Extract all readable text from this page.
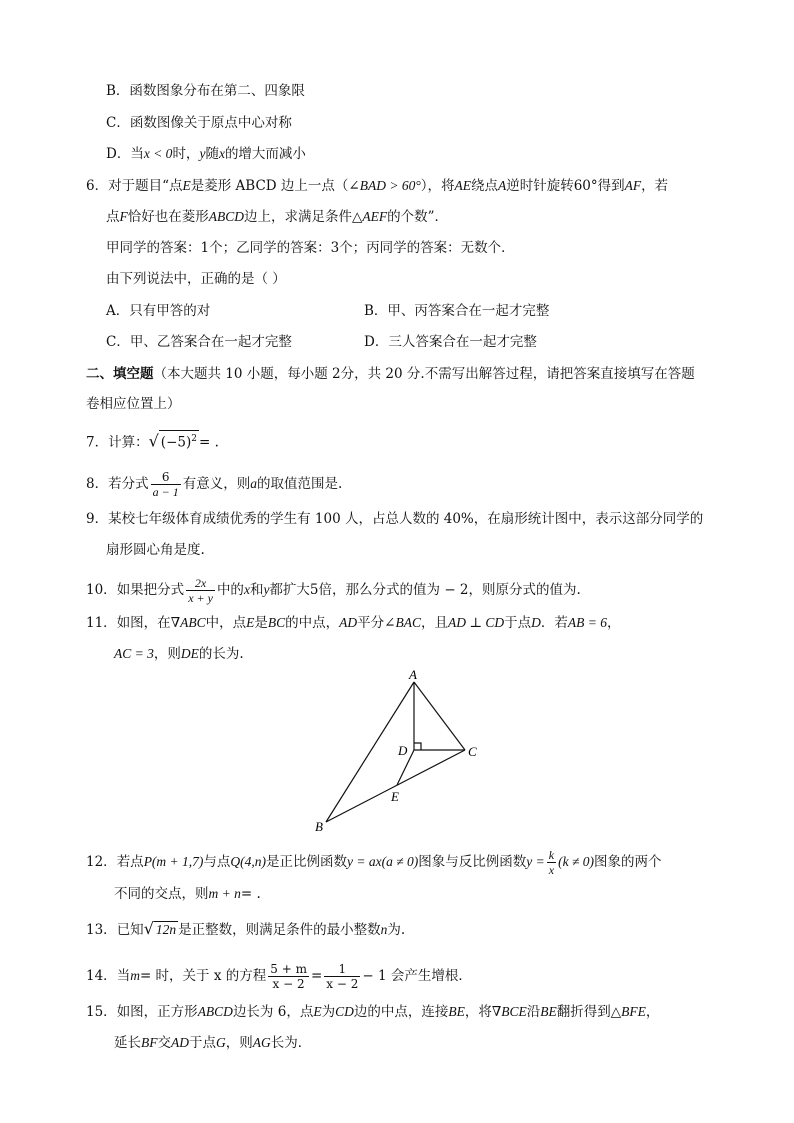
B．函数图象分布在第二、四象限
C．函数图像关于原点中心对称
D．当x < 0时，y随x的增大而减小
6．对于题目“点E是菱形 ABCD 边上一点（∠BAD > 60°），将AE绕点A逆时针旋转60°得到AF，若
点F恰好也在菱形ABCD边上，求满足条件△AEF的个数”．
甲同学的答案：1个；乙同学的答案：3个；丙同学的答案：无数个．
由下列说法中，正确的是（ ）
A．只有甲答的对	B．甲、丙答案合在一起才完整
C．甲、乙答案合在一起才完整	D．三人答案合在一起才完整
二、填空题（本大题共 10 小题，每小题 2分，共 20 分.不需写出解答过程，请把答案直接填写在答题
卷相应位置上）
7．计算：√ $(-5)^2$ = .
8．若分式 $\frac{6}{a - 1}$ 有意义，则a的取值范围是.
9．某校七年级体育成绩优秀的学生有 100 人，占总人数的 40%，在扇形统计图中，表示这部分同学的
扇形圆心角是度.
10．如果把分式 $\frac{2x}{x + y}$ 中的x和y都扩大5倍，那么分式的值为 − 2，则原分式的值为.
11．如图，在∇ABC中，点E是BC的中点，AD平分∠BAC，且AD ⊥ CD于点D．若AB = 6，
AC = 3，则DE的长为.
A
B
C
D
E
12．若点P(m + 1,7)与点Q(4,n)是正比例函数y = ax(a ≠ 0)图象与反比例函数$y = \frac{k}{x} (k \ne 0)$图象的两个
不同的交点，则m + n= .
13．已知√ 12n 是正整数，则满足条件的最小整数n为.
14．当m= 时，关于 x 的方程 $\frac{5 + m}{x - 2} = \frac{1}{x - 2} - 1$ 会产生增根．
15．如图，正方形ABCD边长为 6，点E为CD边的中点，连接BE，将∇BCE沿BE翻折得到△BFE，
延长BF交AD于点G，则AG长为．
